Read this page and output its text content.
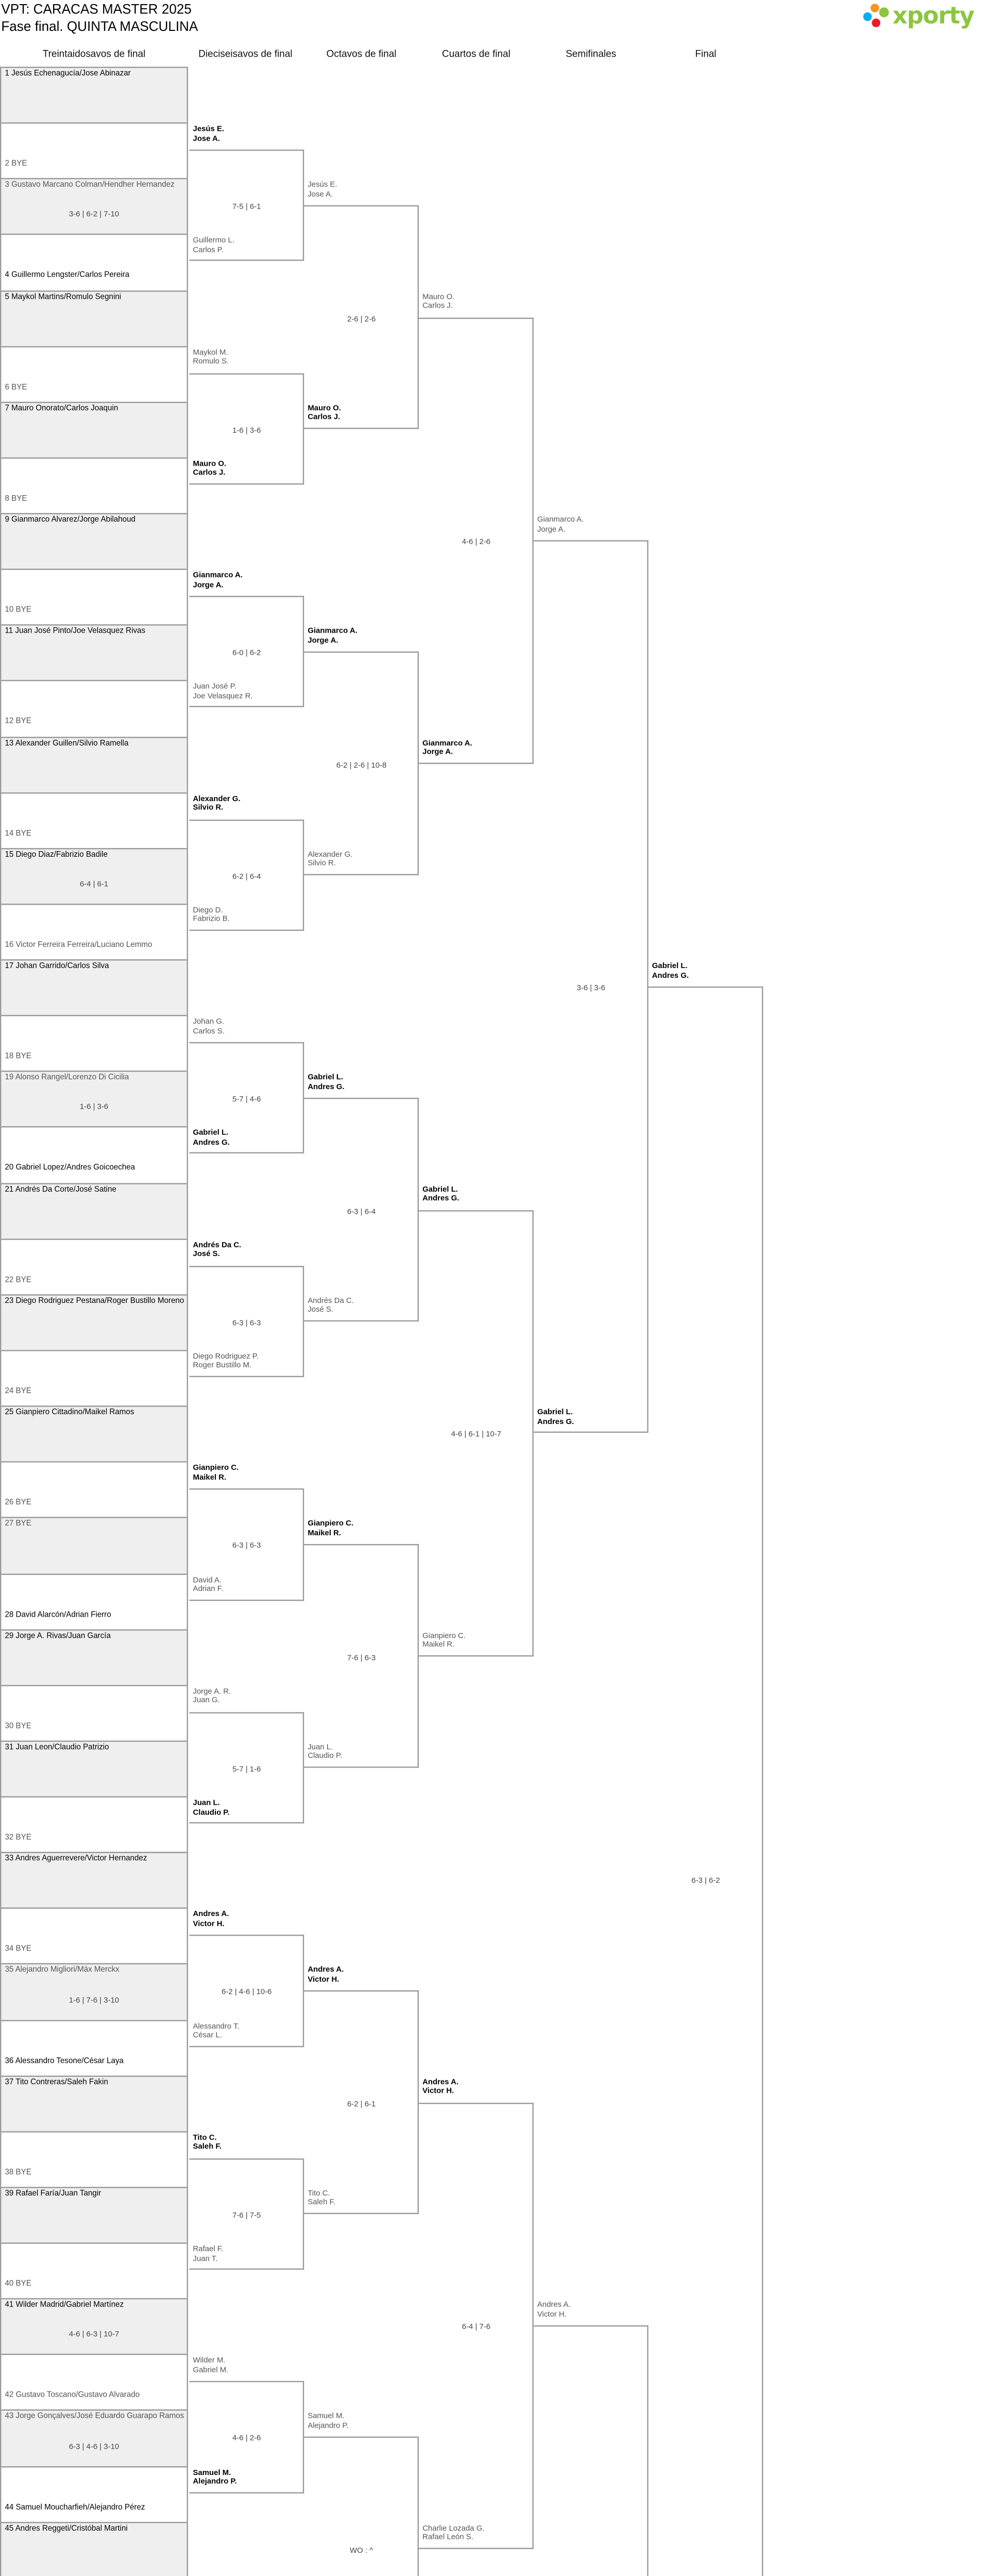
VPT: CARACAS MASTER 2025
Fase final. QUINTA MASCULINA	xporty
Treintaidosavos de final	Dieciseisavos de final	Octavos de final	Cuartos de final	Semifinales	Final
1 Jesús Echenagucía/Jose Abinazar
2 BYE
3 Gustavo Marcano Colman/Hendher Hernandez
4 Guillermo Lengster/Carlos Pereira
3-6 | 6-2 | 7-10
5 Maykol Martins/Romulo Segnini
6 BYE
7 Mauro Onorato/Carlos Joaquin
8 BYE
9 Gianmarco Alvarez/Jorge Abilahoud
10 BYE
11 Juan José Pinto/Joe Velasquez Rivas
12 BYE
13 Alexander Guillen/Silvio Ramella
14 BYE
15 Diego Diaz/Fabrizio Badile
16 Victor Ferreira Ferreira/Luciano Lemmo
6-4 | 6-1
17 Johan Garrido/Carlos Silva
18 BYE
19 Alonso Rangel/Lorenzo Di Cicilia
20 Gabriel Lopez/Andres Goicoechea
1-6 | 3-6
21 Andrés Da Corte/José Satine
22 BYE
23 Diego Rodriguez Pestana/Roger Bustillo Moreno
24 BYE
25 Gianpiero Cittadino/Maikel Ramos
26 BYE
27 BYE
28 David Alarcón/Adrian Fierro
29 Jorge A. Rivas/Juan García
30 BYE
31 Juan Leon/Claudio Patrizio
32 BYE
33 Andres Aguerrevere/Victor Hernandez
34 BYE
35 Alejandro Migliori/Máx Merckx
36 Alessandro Tesone/César Laya
1-6 | 7-6 | 3-10
37 Tito Contreras/Saleh Fakin
38 BYE
39 Rafael Faría/Juan Tangir
40 BYE
41 Wilder Madrid/Gabriel Martínez
42 Gustavo Toscano/Gustavo Alvarado
4-6 | 6-3 | 10-7
43 Jorge Gonçalves/José Eduardo Guarapo Ramos
44 Samuel Moucharfieh/Alejandro Pérez
6-3 | 4-6 | 3-10
45 Andres Reggeti/Cristóbal Martini
Jesús E.
Jose A.
Guillermo L.
Carlos P.
7-5 | 6-1
Maykol M.
Romulo S.
Mauro O.
Carlos J.
1-6 | 3-6
Gianmarco A.
Jorge A.
Juan José P.
Joe Velasquez R.
6-0 | 6-2
Alexander G.
Silvio R.
Diego D.
Fabrizio B.
6-2 | 6-4
Johan G.
Carlos S.
Gabriel L.
Andres G.
5-7 | 4-6
Andrés Da C.
José S.
Diego Rodriguez P.
Roger Bustillo M.
6-3 | 6-3
Gianpiero C.
Maikel R.
David A.
Adrian F.
6-3 | 6-3
Jorge A. R.
Juan G.
Juan L.
Claudio P.
5-7 | 1-6
Andres A.
Victor H.
Alessandro T.
César L.
6-2 | 4-6 | 10-6
Tito C.
Saleh F.
Rafael F.
Juan T.
7-6 | 7-5
Wilder M.
Gabriel M.
Samuel M.
Alejandro P.
4-6 | 2-6
Jesús E.
Jose A.
Mauro O.
Carlos J.
2-6 | 2-6
Gianmarco A.
Jorge A.
Alexander G.
Silvio R.
6-2 | 2-6 | 10-8
Gabriel L.
Andres G.
Andrés Da C.
José S.
6-3 | 6-4
Gianpiero C.
Maikel R.
Juan L.
Claudio P.
7-6 | 6-3
Andres A.
Victor H.
Tito C.
Saleh F.
6-2 | 6-1
Samuel M.
Alejandro P.
WO : ^
Mauro O.
Carlos J.
Gianmarco A.
Jorge A.
4-6 | 2-6
Gabriel L.
Andres G.
Gianpiero C.
Maikel R.
4-6 | 6-1 | 10-7
Andres A.
Victor H.
Charlie Lozada G.
Rafael León S.
6-4 | 7-6
Gianmarco A.
Jorge A.
Gabriel L.
Andres G.
3-6 | 3-6
Andres A.
Victor H.
Gabriel L.
Andres G.
6-3 | 6-2
